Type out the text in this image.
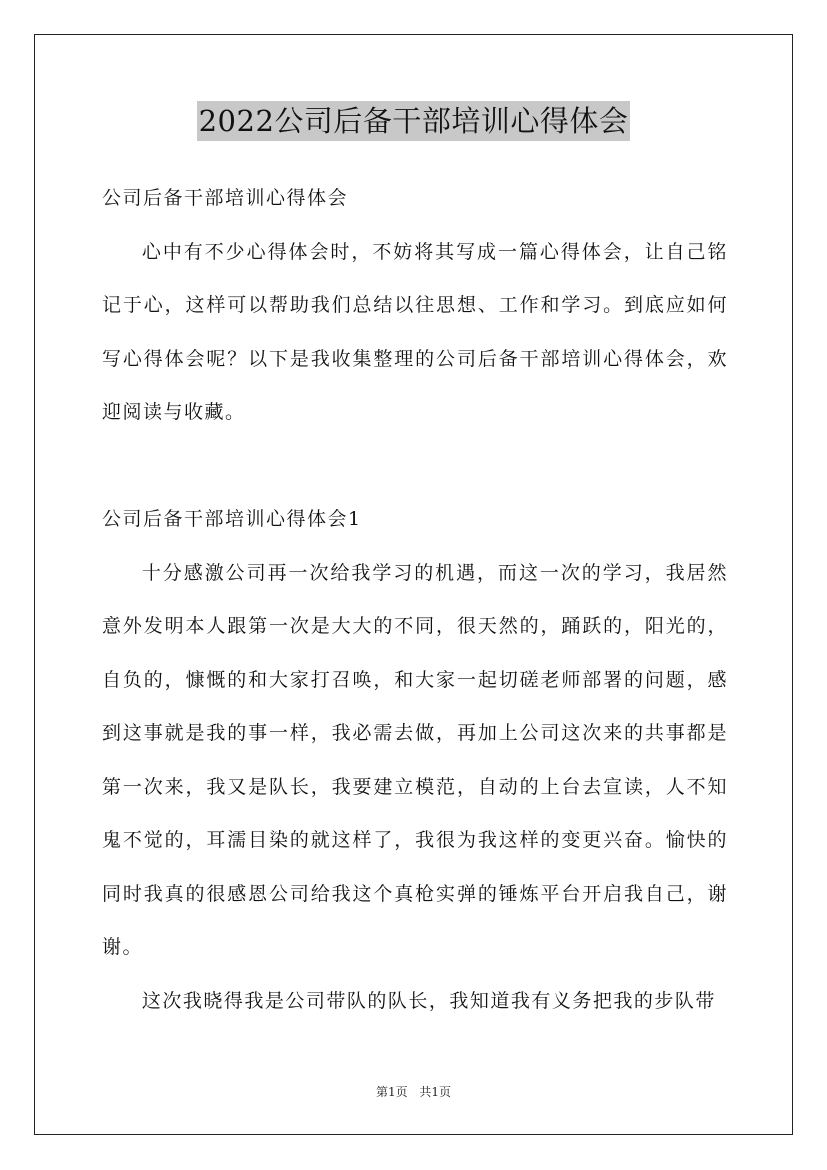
2022公司后备干部培训心得体会

公司后备干部培训心得体会

心中有不少心得体会时，不妨将其写成一篇心得体会，让自己铭记于心，这样可以帮助我们总结以往思想、工作和学习。到底应如何写心得体会呢？以下是我收集整理的公司后备干部培训心得体会，欢迎阅读与收藏。

公司后备干部培训心得体会1

十分感激公司再一次给我学习的机遇，而这一次的学习，我居然意外发明本人跟第一次是大大的不同，很天然的，踊跃的，阳光的，自负的，慷慨的和大家打召唤，和大家一起切磋老师部署的问题，感到这事就是我的事一样，我必需去做，再加上公司这次来的共事都是第一次来，我又是队长，我要建立模范，自动的上台去宣读，人不知鬼不觉的，耳濡目染的就这样了，我很为我这样的变更兴奋。愉快的同时我真的很感恩公司给我这个真枪实弹的锤炼平台开启我自己，谢谢。

这次我晓得我是公司带队的队长，我知道我有义务把我的步队带

第1页 共1页
